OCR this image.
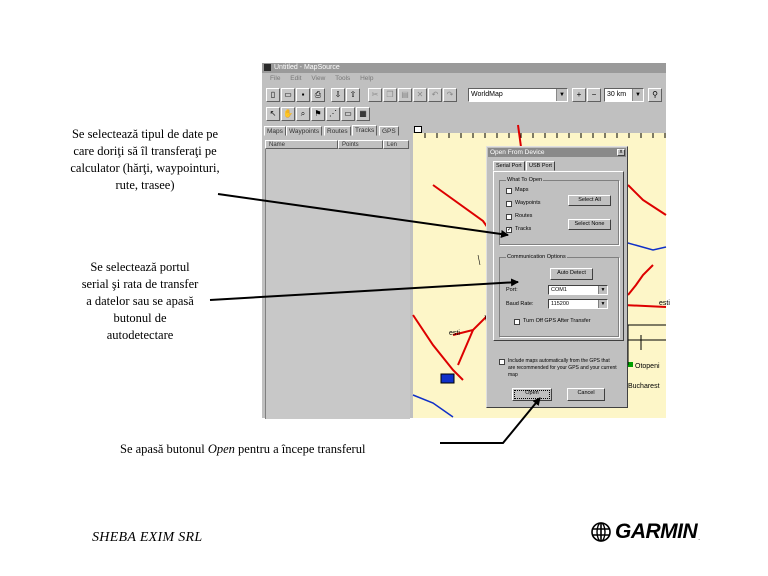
Se selectează tipul de date pe
care doriţi să îl transferaţi pe
calculator (hărţi, waypointuri,
rute, trasee)
Se selectează portul
serial şi rata de transfer
a datelor sau se apasă
butonul de
autodetectare
Se apasă butonul Open pentru a începe transferul
Untitled - MapSource
File Edit View Tools Help
▯	▭	▪	⎙	⇩	⇧	✂	❐ ▤ ✕	↶	↷	WorldMap	▼	+	−	30 km	▼	⚲
↖ ✋ ⌕	⚑ ⋰ ▭ ▦
Maps Waypoints	Routes	Tracks	GPS
Name	Points	Len
Otopeni
Bucharest
esti
esti
Open From Device	x
Serial Port	USB Port
What To Open
Maps
Waypoints
Routes
✓ Tracks
Select All
Select None
Communication Options
Auto Detect
Port:	COM1	▼
Baud Rate:	115200	▼
Turn Off GPS After Transfer
Include maps automatically from the GPS that are recommended for your GPS and your current map
Open	Cancel
SHEBA EXIM SRL	GARMIN .
